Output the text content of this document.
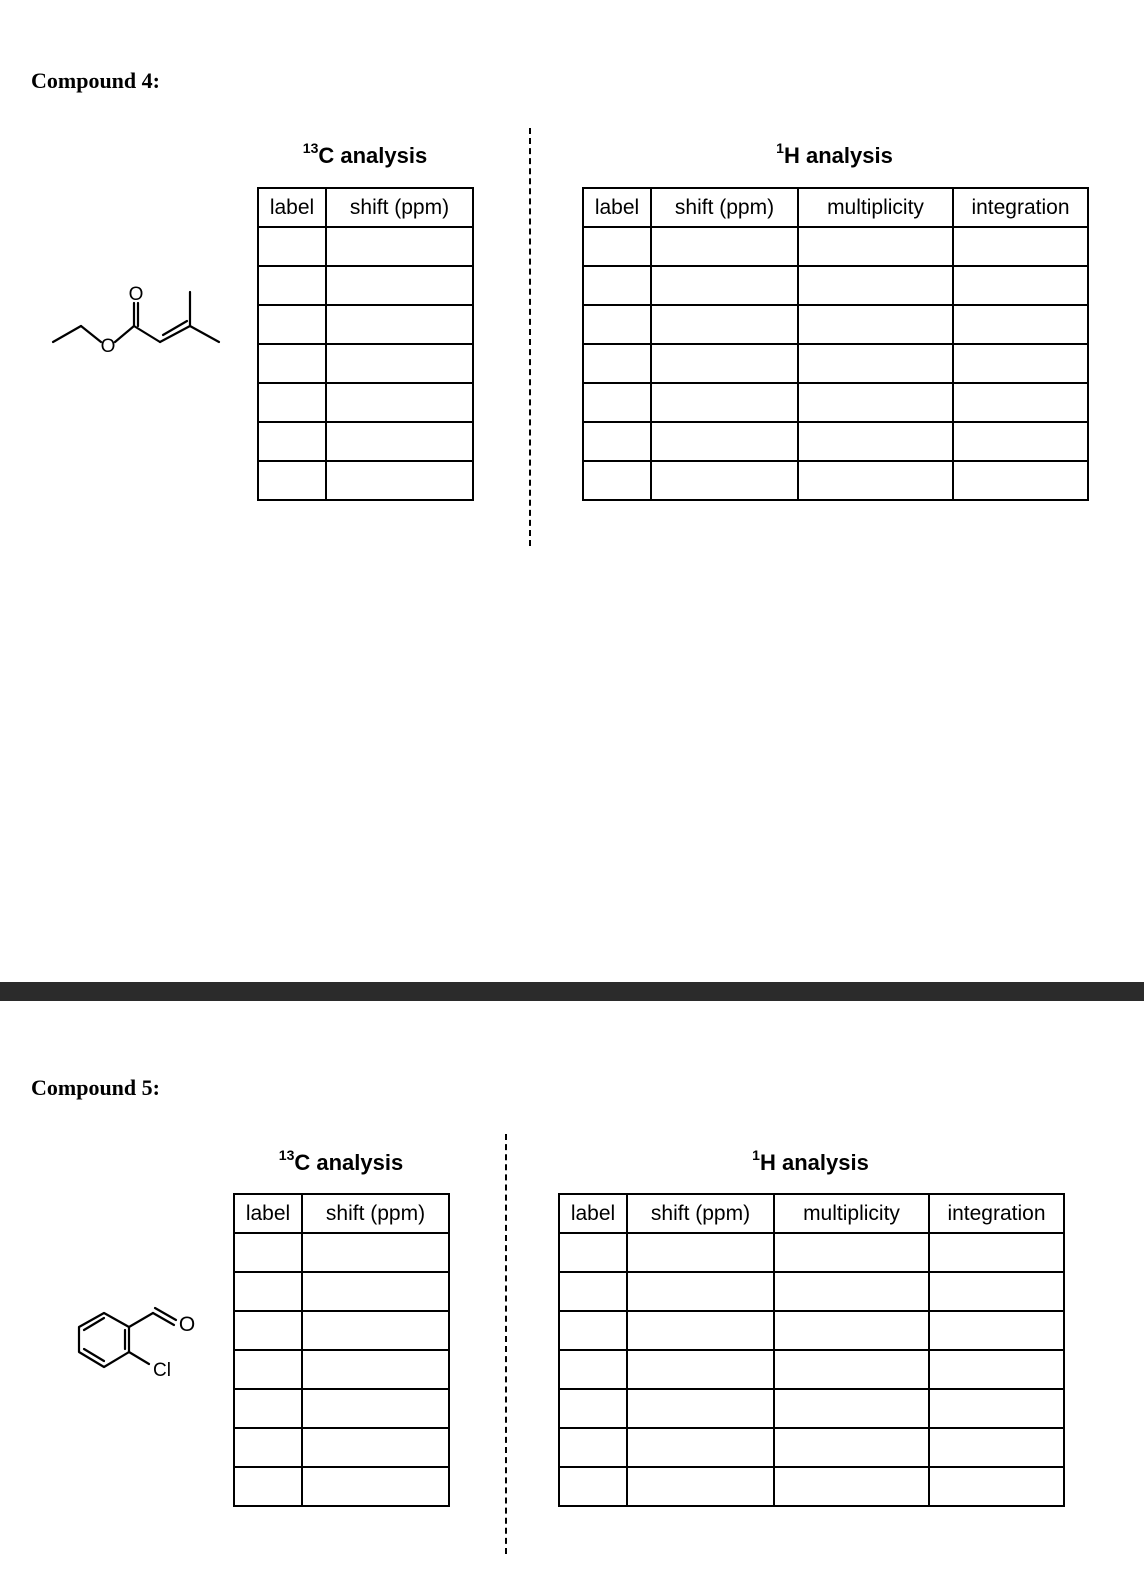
Compound 4:
O
O
$^{13}$C analysis
label	shift (ppm)

$^1$H analysis
label	shift (ppm)	multiplicity	integration

Compound 5:
O
Cl
$^{13}$C analysis
label	shift (ppm)

$^1$H analysis
label	shift (ppm)	multiplicity	integration
